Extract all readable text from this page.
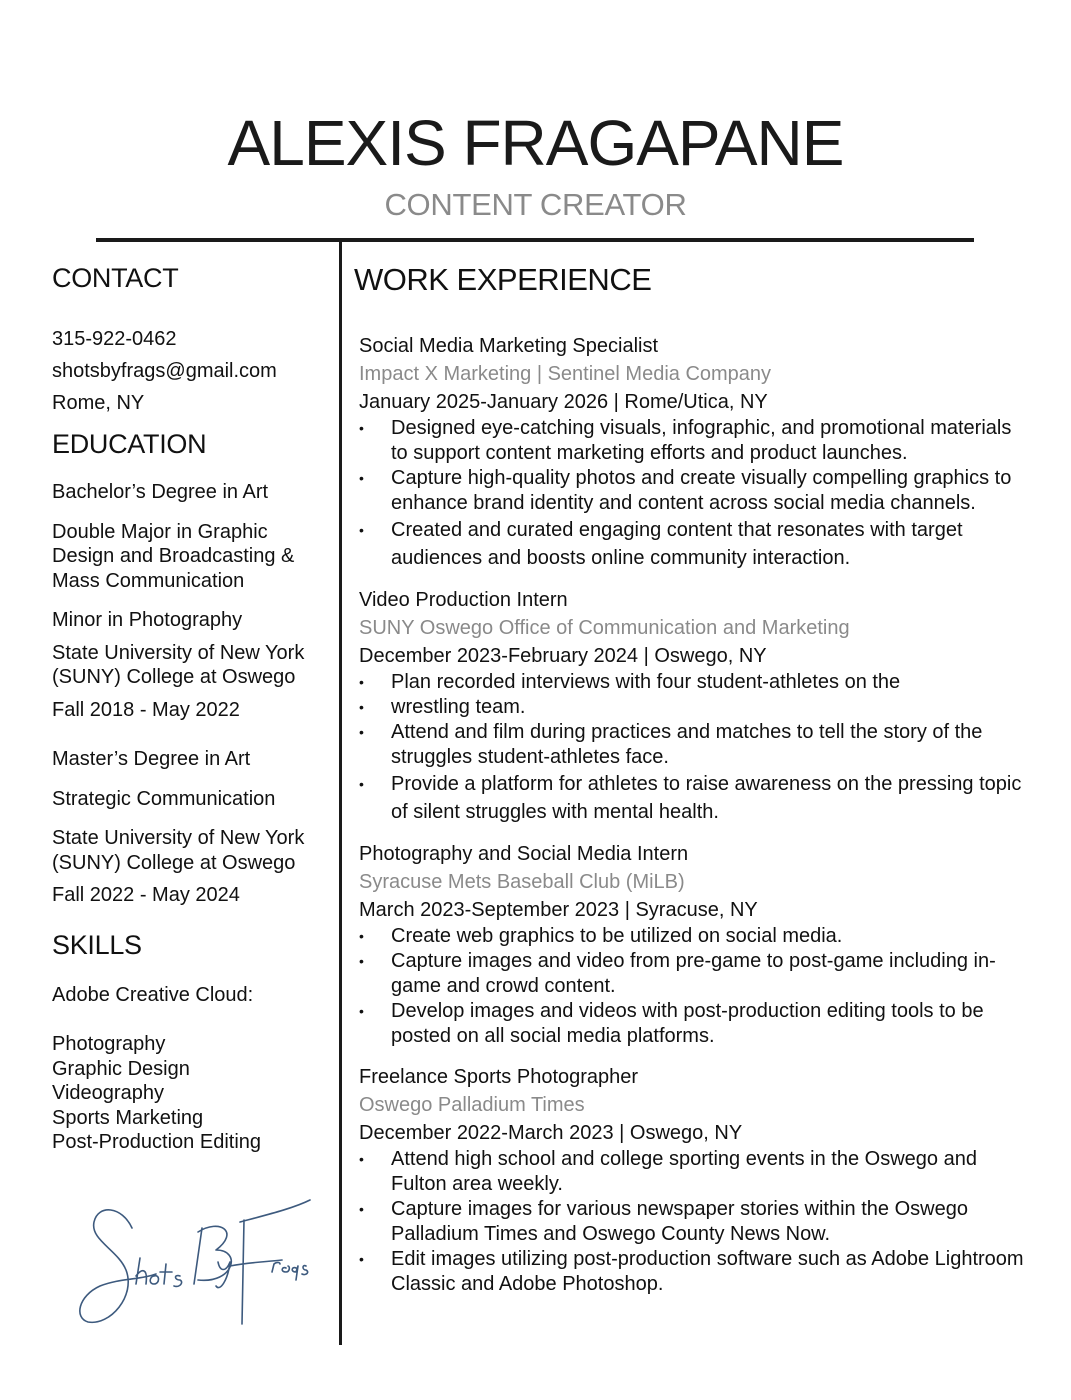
ALEXIS FRAGAPANE
CONTENT CREATOR
CONTACT
315-922-0462
shotsbyfrags@gmail.com
Rome, NY
EDUCATION
Bachelor’s Degree in Art
Double Major in Graphic Design and Broadcasting & Mass Communication
Minor in Photography
State University of New York (SUNY) College at Oswego
Fall 2018 - May 2022
Master’s Degree in Art
Strategic Communication
State University of New York (SUNY) College at Oswego
Fall 2022 - May 2024
SKILLS
Adobe Creative Cloud:
Photography
Graphic Design
Videography
Sports Marketing
Post-Production Editing
WORK EXPERIENCE
Social Media Marketing Specialist
Impact X Marketing | Sentinel Media Company
January 2025-January 2026 | Rome/Utica, NY
• Designed eye-catching visuals, infographic, and promotional materials to support content marketing efforts and product launches.
• Capture high-quality photos and create visually compelling graphics to enhance brand identity and content across social media channels.
• Created and curated engaging content that resonates with target audiences and boosts online community interaction.
Video Production Intern
SUNY Oswego Office of Communication and Marketing
December 2023-February 2024 | Oswego, NY
• Plan recorded interviews with four student-athletes on the
• wrestling team.
• Attend and film during practices and matches to tell the story of the struggles student-athletes face.
• Provide a platform for athletes to raise awareness on the pressing topic of silent struggles with mental health.
Photography and Social Media Intern
Syracuse Mets Baseball Club (MiLB)
March 2023-September 2023 | Syracuse, NY
• Create web graphics to be utilized on social media.
• Capture images and video from pre-game to post-game including in-game and crowd content.
• Develop images and videos with post-production editing tools to be posted on all social media platforms.
Freelance Sports Photographer
Oswego Palladium Times
December 2022-March 2023 | Oswego, NY
• Attend high school and college sporting events in the Oswego and Fulton area weekly.
• Capture images for various newspaper stories within the Oswego Palladium Times and Oswego County News Now.
• Edit images utilizing post-production software such as Adobe Lightroom Classic and Adobe Photoshop.
